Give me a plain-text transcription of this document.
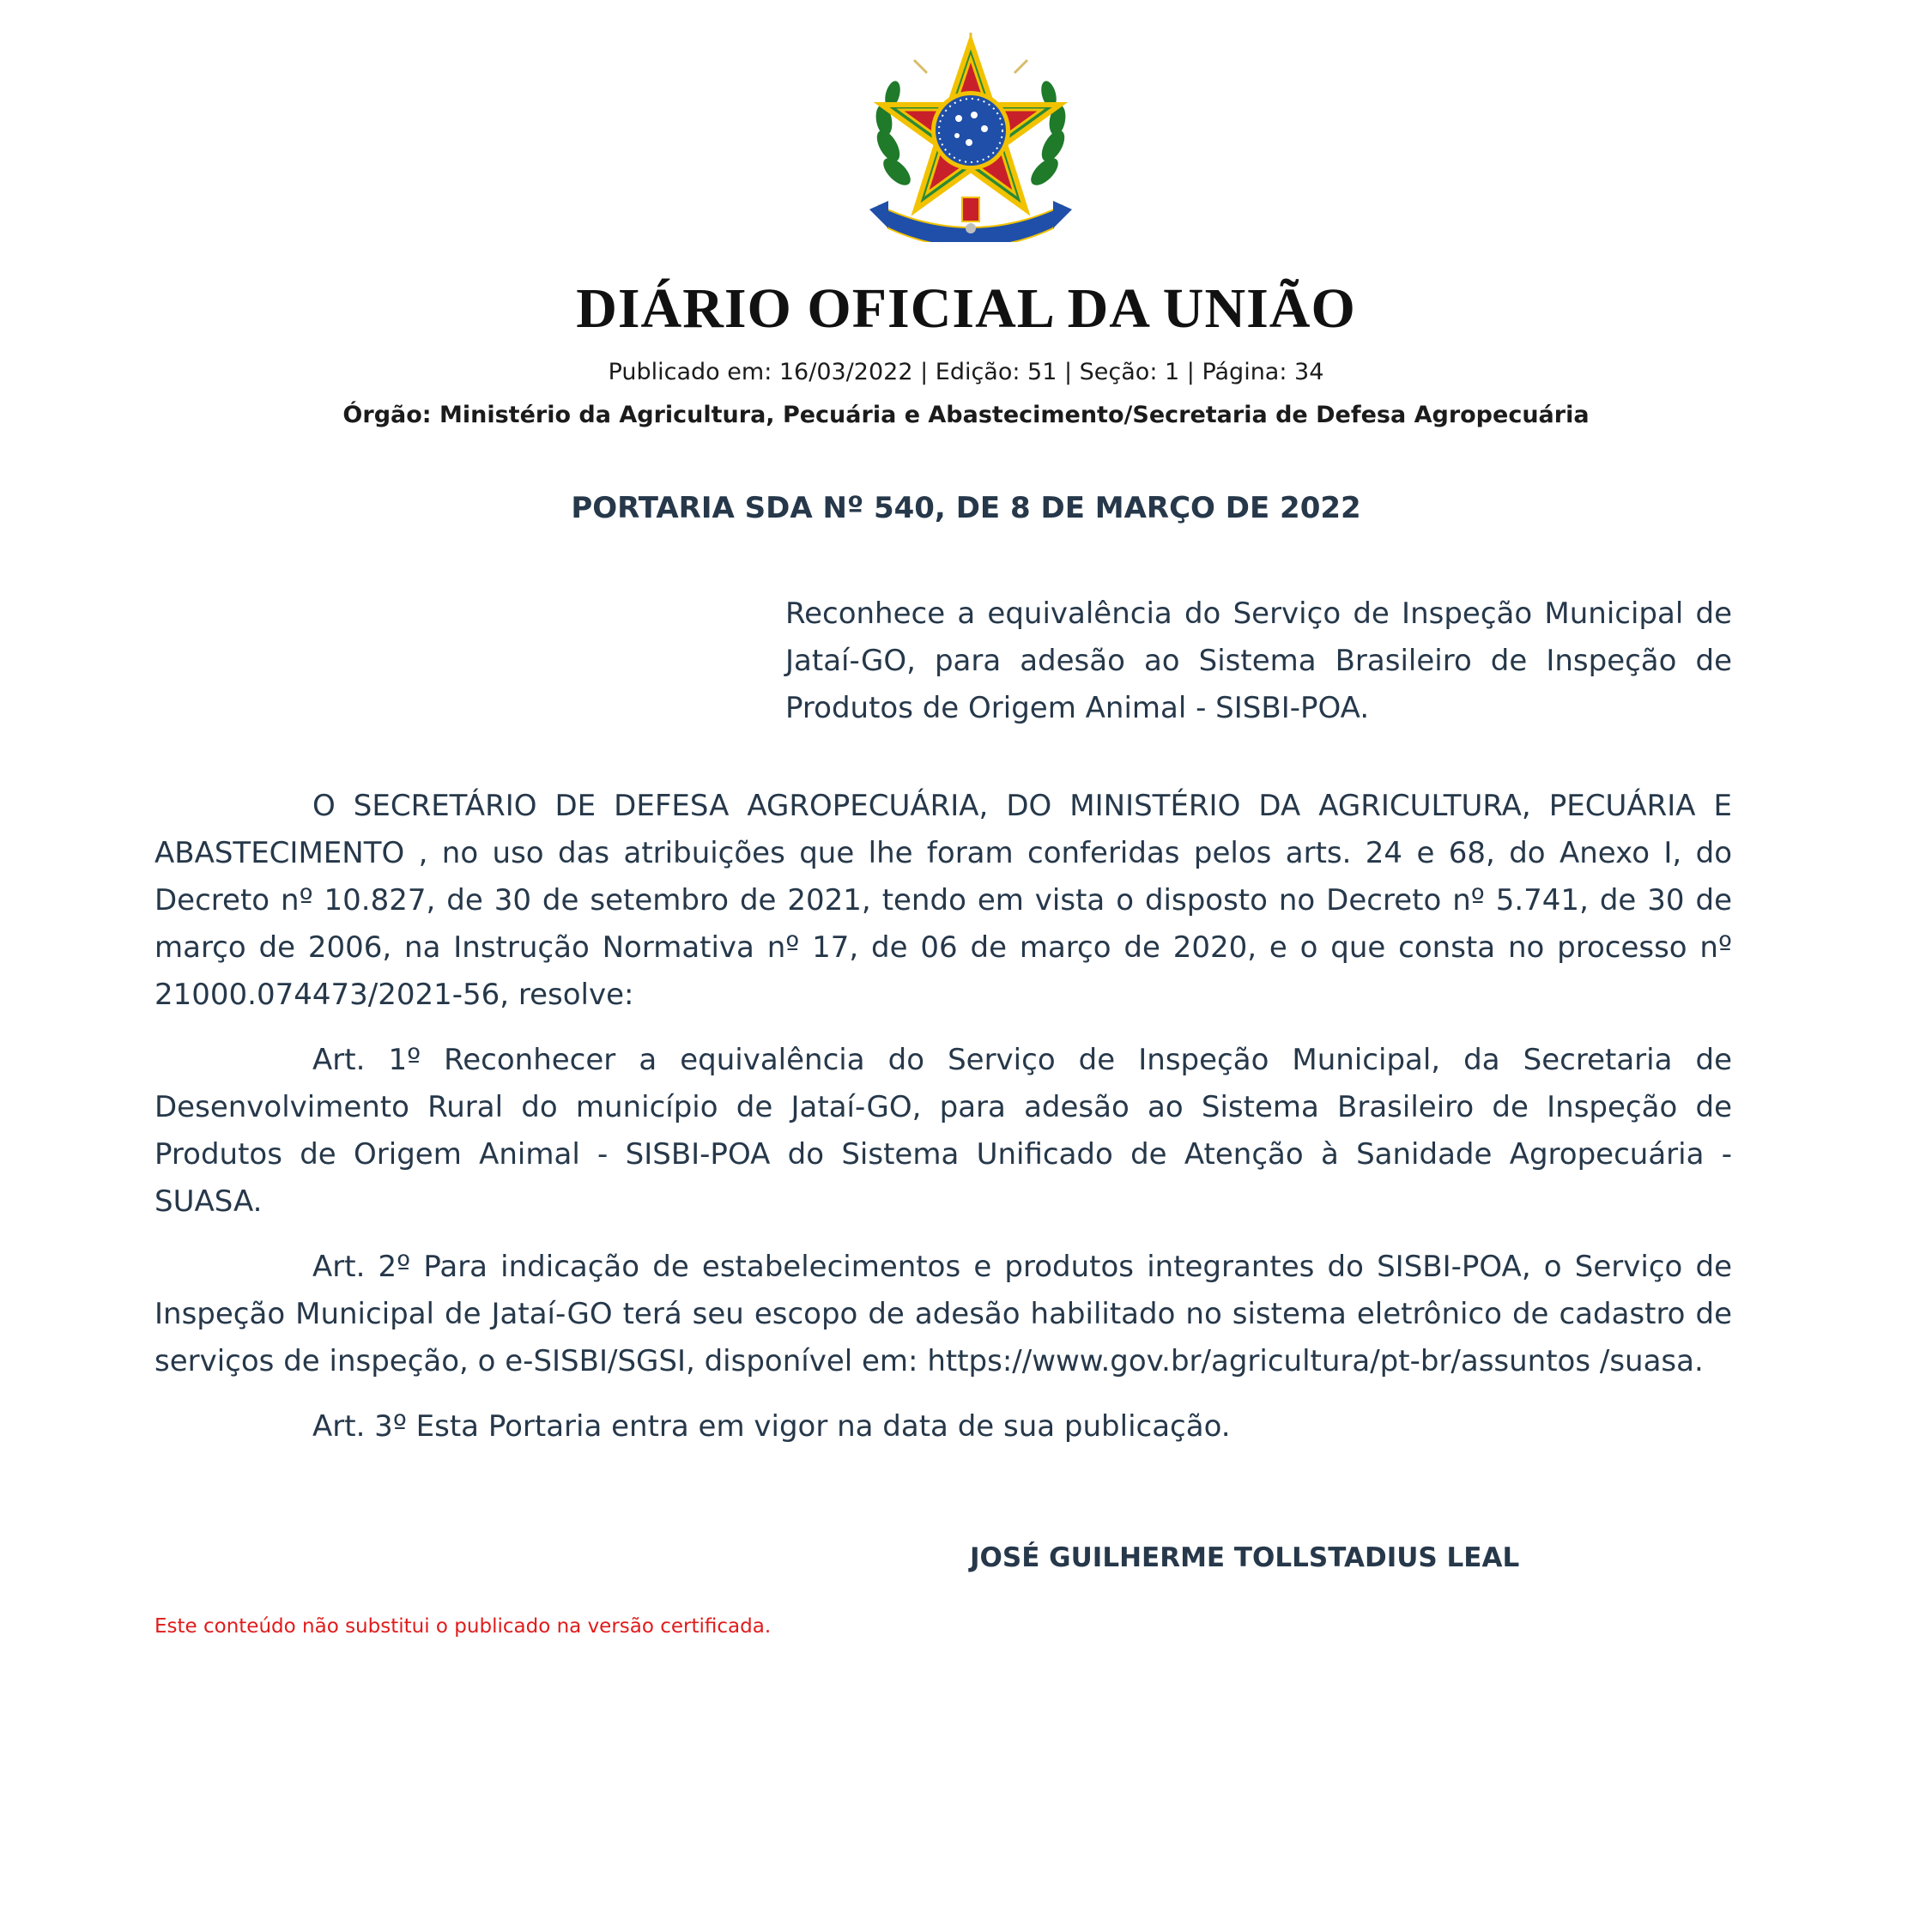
DIÁRIO OFICIAL DA UNIÃO
Publicado em: 16/03/2022 | Edição: 51 | Seção: 1 | Página: 34
Órgão: Ministério da Agricultura, Pecuária e Abastecimento/Secretaria de Defesa Agropecuária
PORTARIA SDA Nº 540, DE 8 DE MARÇO DE 2022
Reconhece a equivalência do Serviço de Inspeção Municipal de Jataí-GO, para adesão ao Sistema Brasileiro de Inspeção de Produtos de Origem Animal - SISBI-POA.

O SECRETÁRIO DE DEFESA AGROPECUÁRIA, DO MINISTÉRIO DA AGRICULTURA, PECUÁRIA E ABASTECIMENTO , no uso das atribuições que lhe foram conferidas pelos arts. 24 e 68, do Anexo I, do Decreto nº 10.827, de 30 de setembro de 2021, tendo em vista o disposto no Decreto nº 5.741, de 30 de março de 2006, na Instrução Normativa nº 17, de 06 de março de 2020, e o que consta no processo nº 21000.074473/2021-56, resolve:

Art. 1º Reconhecer a equivalência do Serviço de Inspeção Municipal, da Secretaria de Desenvolvimento Rural do município de Jataí-GO, para adesão ao Sistema Brasileiro de Inspeção de Produtos de Origem Animal - SISBI-POA do Sistema Unificado de Atenção à Sanidade Agropecuária - SUASA.

Art. 2º Para indicação de estabelecimentos e produtos integrantes do SISBI-POA, o Serviço de Inspeção Municipal de Jataí-GO terá seu escopo de adesão habilitado no sistema eletrônico de cadastro de serviços de inspeção, o e-SISBI/SGSI, disponível em: https://www.gov.br/agricultura/pt-br/assuntos /suasa.

Art. 3º Esta Portaria entra em vigor na data de sua publicação.

JOSÉ GUILHERME TOLLSTADIUS LEAL
Este conteúdo não substitui o publicado na versão certificada.
